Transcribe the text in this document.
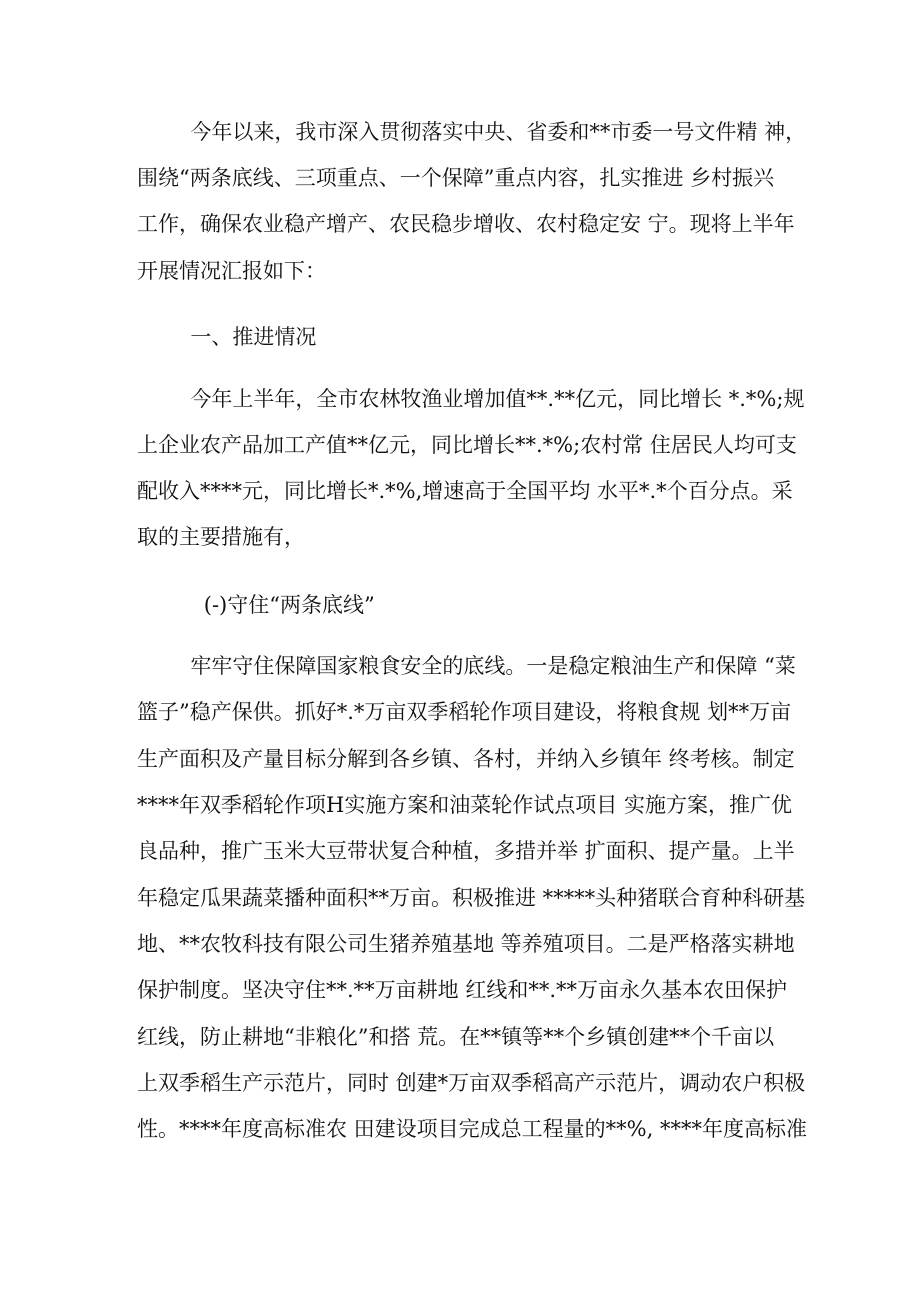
今年以来，我市深入贯彻落实中央、省委和**市委一号文件精 神，
围绕“两条底线、三项重点、一个保障”重点内容，扎实推进 乡村振兴
工作，确保农业稳产增产、农民稳步增收、农村稳定安 宁。现将上半年
开展情况汇报如下：
一、推进情况
今年上半年，全市农林牧渔业增加值**.**亿元，同比增长 *.*%;规
上企业农产品加工产值**亿元，同比增长**.*%;农村常 住居民人均可支
配收入****元，同比增长*.*%,增速高于全国平均 水平*.*个百分点。采
取的主要措施有，
(-)守住“两条底线”
牢牢守住保障国家粮食安全的底线。一是稳定粮油生产和保障 “菜
篮子”稳产保供。抓好*.*万亩双季稻轮作项目建设，将粮食规 划**万亩
生产面积及产量目标分解到各乡镇、各村，并纳入乡镇年 终考核。制定
****年双季稻轮作项H实施方案和油菜轮作试点项目 实施方案，推广优
良品种，推广玉米大豆带状复合种植，多措并举 扩面积、提产量。上半
年稳定瓜果蔬菜播种面积**万亩。积极推进 *****头种猪联合育种科研基
地、**农牧科技有限公司生猪养殖基地 等养殖项目。二是严格落实耕地
保护制度。坚决守住**.**万亩耕地 红线和**.**万亩永久基本农田保护
红线，防止耕地“非粮化”和搭 荒。在**镇等**个乡镇创建**个千亩以
上双季稻生产示范片，同时 创建*万亩双季稻高产示范片，调动农户积极
性。****年度高标准农 田建设项目完成总工程量的**%, ****年度高标准
